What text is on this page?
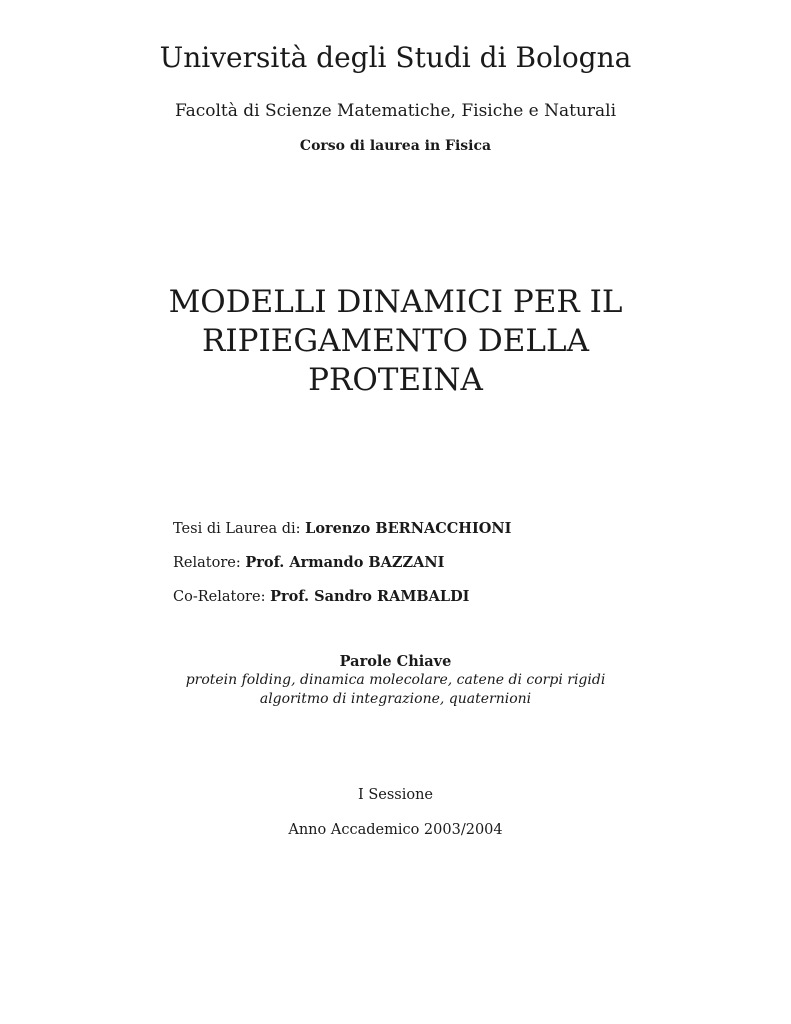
Università degli Studi di Bologna
Facoltà di Scienze Matematiche, Fisiche e Naturali
Corso di laurea in Fisica
MODELLI DINAMICI PER IL
RIPIEGAMENTO DELLA
PROTEINA
Tesi di Laurea di: Lorenzo BERNACCHIONI
Relatore: Prof. Armando BAZZANI
Co-Relatore: Prof. Sandro RAMBALDI
Parole Chiave
protein folding, dinamica molecolare, catene di corpi rigidi
algoritmo di integrazione, quaternioni
I Sessione
Anno Accademico 2003/2004
